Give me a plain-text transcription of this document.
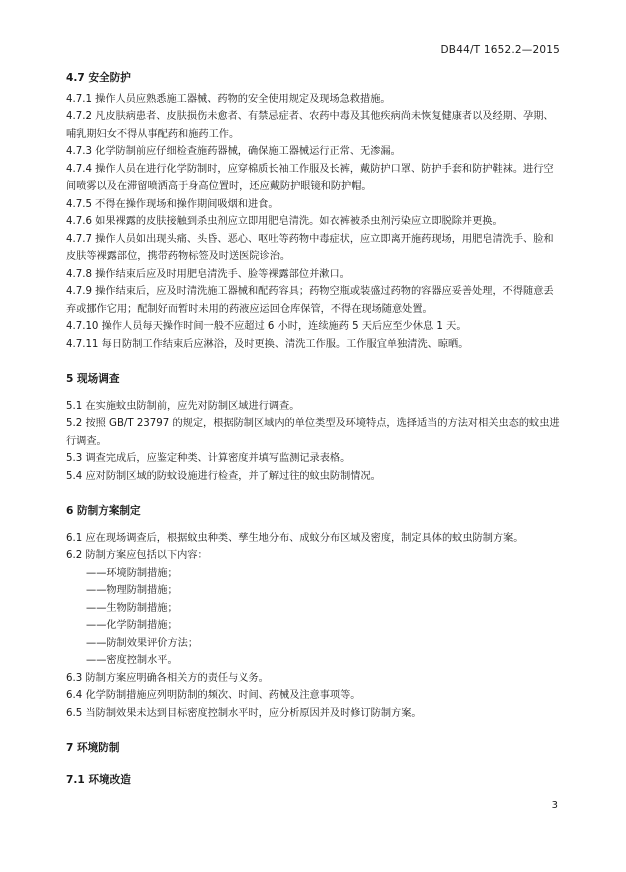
DB44/T 1652.2—2015
4.7 安全防护

4.7.1 操作人员应熟悉施工器械、药物的安全使用规定及现场急救措施。

4.7.2 凡皮肤病患者、皮肤损伤未愈者、有禁忌症者、农药中毒及其他疾病尚未恢复健康者以及经期、孕期、哺乳期妇女不得从事配药和施药工作。

4.7.3 化学防制前应仔细检查施药器械，确保施工器械运行正常、无渗漏。

4.7.4 操作人员在进行化学防制时，应穿棉质长袖工作服及长裤，戴防护口罩、防护手套和防护鞋袜。进行空间喷雾以及在滞留喷洒高于身高位置时，还应戴防护眼镜和防护帽。

4.7.5 不得在操作现场和操作期间吸烟和进食。

4.7.6 如果裸露的皮肤接触到杀虫剂应立即用肥皂清洗。如衣裤被杀虫剂污染应立即脱除并更换。

4.7.7 操作人员如出现头痛、头昏、恶心、呕吐等药物中毒症状，应立即离开施药现场，用肥皂清洗手、脸和皮肤等裸露部位，携带药物标签及时送医院诊治。

4.7.8 操作结束后应及时用肥皂清洗手、脸等裸露部位并漱口。

4.7.9 操作结束后，应及时清洗施工器械和配药容具；药物空瓶或装盛过药物的容器应妥善处理，不得随意丢弃或挪作它用；配制好而暂时未用的药液应运回仓库保管，不得在现场随意处置。

4.7.10 操作人员每天操作时间一般不应超过 6 小时，连续施药 5 天后应至少休息 1 天。

4.7.11 每日防制工作结束后应淋浴，及时更换、清洗工作服。工作服宜单独清洗、晾晒。

5 现场调查

5.1 在实施蚊虫防制前，应先对防制区域进行调查。

5.2 按照 GB/T 23797 的规定，根据防制区域内的单位类型及环境特点，选择适当的方法对相关虫态的蚊虫进行调查。

5.3 调查完成后，应鉴定种类、计算密度并填写监测记录表格。

5.4 应对防制区域的防蚊设施进行检查，并了解过往的蚊虫防制情况。

6 防制方案制定

6.1 应在现场调查后，根据蚊虫种类、孳生地分布、成蚊分布区域及密度，制定具体的蚊虫防制方案。

6.2 防制方案应包括以下内容：

——环境防制措施；

——物理防制措施；

——生物防制措施；

——化学防制措施；

——防制效果评价方法；

——密度控制水平。

6.3 防制方案应明确各相关方的责任与义务。

6.4 化学防制措施应列明防制的频次、时间、药械及注意事项等。

6.5 当防制效果未达到目标密度控制水平时，应分析原因并及时修订防制方案。

7 环境防制
7.1 环境改造
3
